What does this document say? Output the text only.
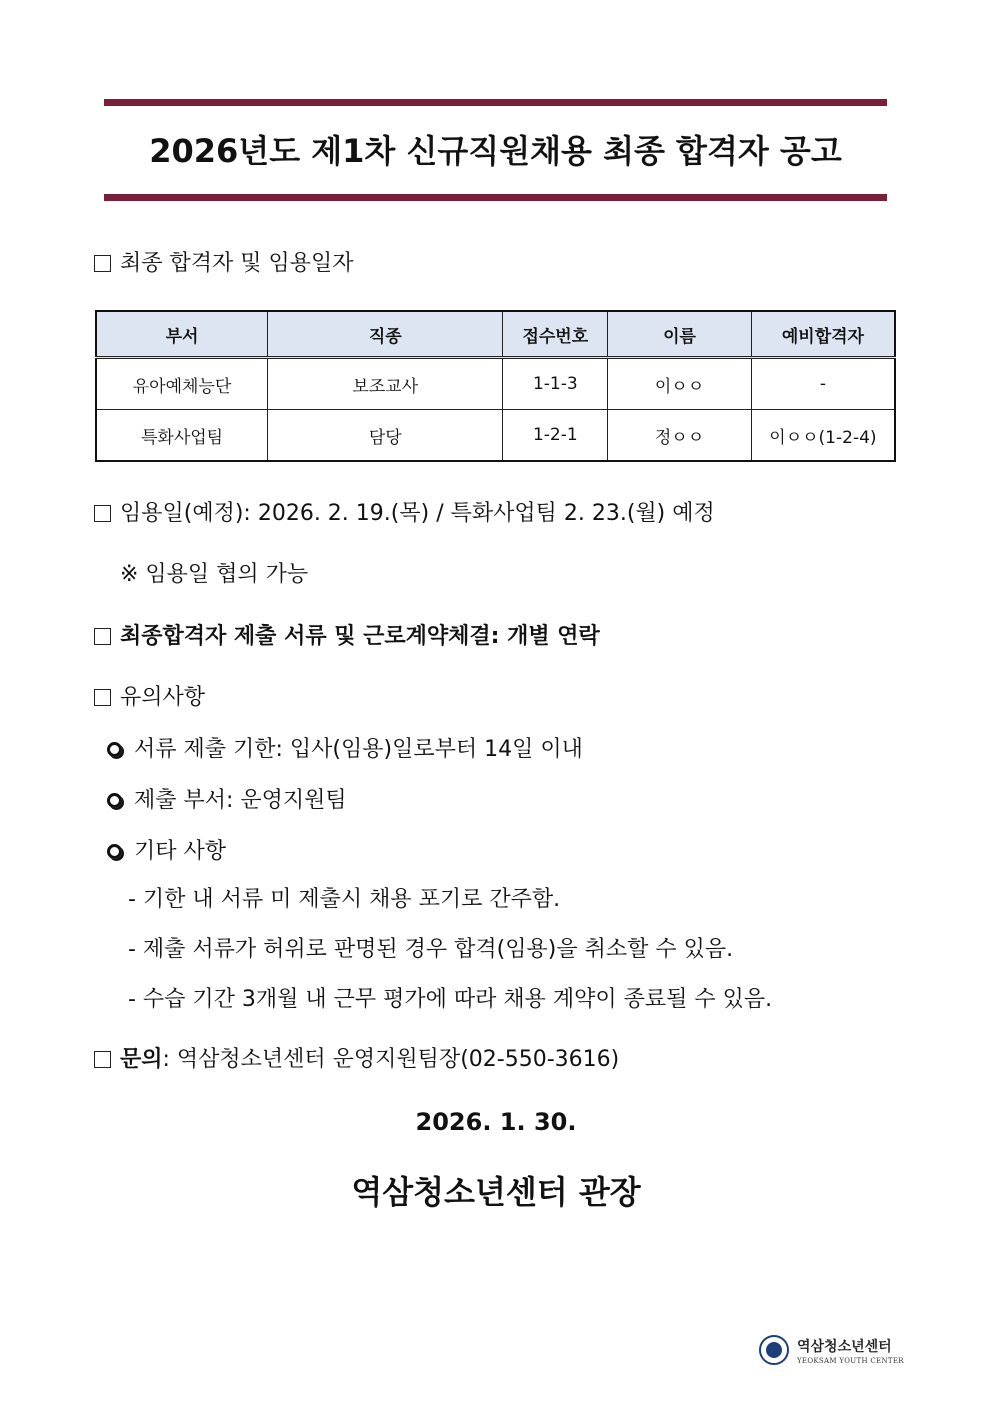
2026년도 제1차 신규직원채용 최종 합격자 공고
최종 합격자 및 임용일자
부서	직종	접수번호	이름	예비합격자
유아예체능단	보조교사	1-1-3	이ㅇㅇ	-
특화사업팀	담당	1-2-1	정ㅇㅇ	이ㅇㅇ(1-2-4)
임용일(예정): 2026. 2. 19.(목) / 특화사업팀 2. 23.(월) 예정
※ 임용일 협의 가능
최종합격자 제출 서류 및 근로계약체결: 개별 연락
유의사항
서류 제출 기한: 입사(임용)일로부터 14일 이내
제출 부서: 운영지원팀
기타 사항
- 기한 내 서류 미 제출시 채용 포기로 간주함.
- 제출 서류가 허위로 판명된 경우 합격(임용)을 취소할 수 있음.
- 수습 기간 3개월 내 근무 평가에 따라 채용 계약이 종료될 수 있음.
문의: 역삼청소년센터 운영지원팀장(02-550-3616)
2026. 1. 30.
역삼청소년센터 관장
역삼청소년센터
YEOKSAM YOUTH CENTER
